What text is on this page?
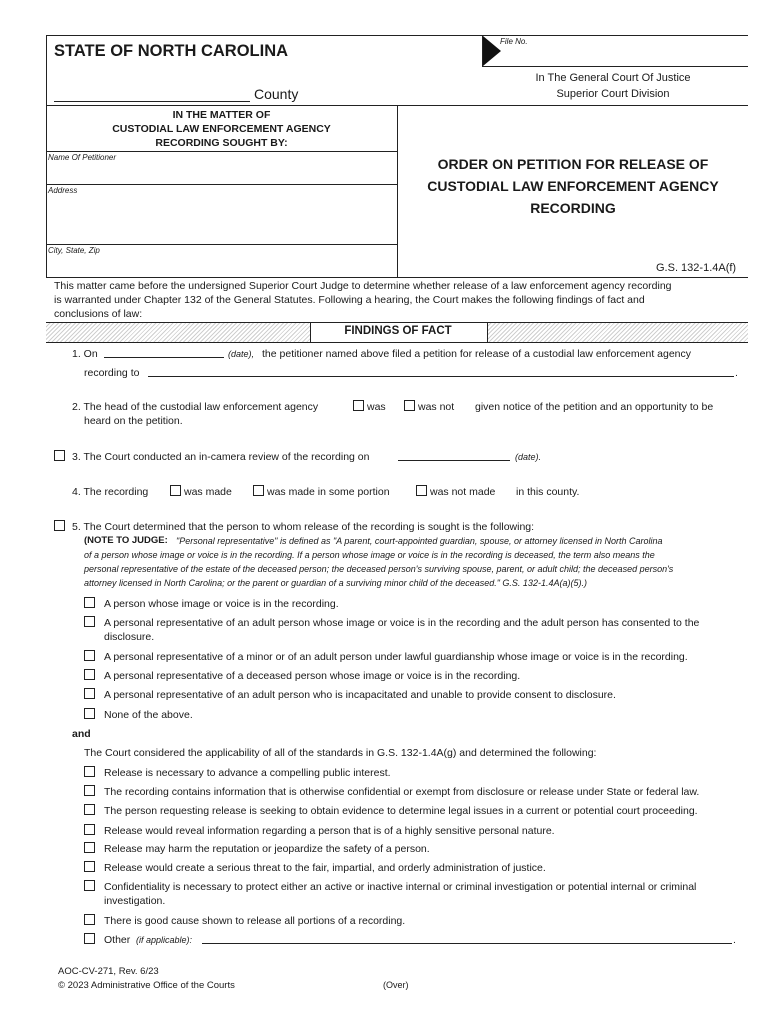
STATE OF NORTH CAROLINA
File No.
County
In The General Court Of Justice
Superior Court Division
IN THE MATTER OF
CUSTODIAL LAW ENFORCEMENT AGENCY
RECORDING SOUGHT BY:
Name Of Petitioner
Address
City, State, Zip
ORDER ON PETITION FOR RELEASE OF
CUSTODIAL LAW ENFORCEMENT AGENCY
RECORDING
G.S. 132-1.4A(f)
This matter came before the undersigned Superior Court Judge to determine whether release of a law enforcement agency recording
is warranted under Chapter 132 of the General Statutes. Following a hearing, the Court makes the following findings of fact and
conclusions of law:
FINDINGS OF FACT
1. On	(date), the petitioner named above filed a petition for release of a custodial law enforcement agency
recording to	.
2. The head of the custodial law enforcement agency	was	was not given notice of the petition and an opportunity to be
heard on the petition.
3. The Court conducted an in-camera review of the recording on	(date).
4. The recording	was made	was made in some portion	was not made in this county.
5. The Court determined that the person to whom release of the recording is sought is the following:
(NOTE TO JUDGE: "Personal representative" is defined as "A parent, court-appointed guardian, spouse, or attorney licensed in North Carolina
of a person whose image or voice is in the recording. If a person whose image or voice is in the recording is deceased, the term also means the
personal representative of the estate of the deceased person; the deceased person's surviving spouse, parent, or adult child; the deceased person's
attorney licensed in North Carolina; or the parent or guardian of a surviving minor child of the deceased." G.S. 132-1.4A(a)(5).)
A person whose image or voice is in the recording.
A personal representative of an adult person whose image or voice is in the recording and the adult person has consented to the
disclosure.
A personal representative of a minor or of an adult person under lawful guardianship whose image or voice is in the recording.
A personal representative of a deceased person whose image or voice is in the recording.
A personal representative of an adult person who is incapacitated and unable to provide consent to disclosure.
None of the above.
and
The Court considered the applicability of all of the standards in G.S. 132-1.4A(g) and determined the following:
Release is necessary to advance a compelling public interest.
The recording contains information that is otherwise confidential or exempt from disclosure or release under State or federal law.
The person requesting release is seeking to obtain evidence to determine legal issues in a current or potential court proceeding.
Release would reveal information regarding a person that is of a highly sensitive personal nature.
Release may harm the reputation or jeopardize the safety of a person.
Release would create a serious threat to the fair, impartial, and orderly administration of justice.
Confidentiality is necessary to protect either an active or inactive internal or criminal investigation or potential internal or criminal
investigation.
There is good cause shown to release all portions of a recording.
Other (if applicable):	.
AOC-CV-271, Rev. 6/23
© 2023 Administrative Office of the Courts	(Over)
